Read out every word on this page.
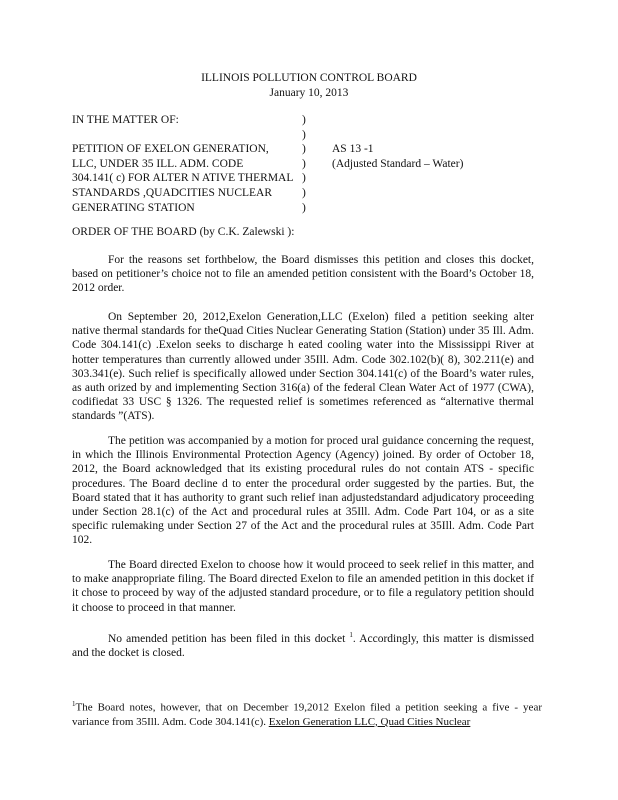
ILLINOIS POLLUTION CONTROL BOARD
January 10, 2013
IN THE MATTER OF:	)
)
PETITION OF EXELON GENERATION,	) AS 13 -1
LLC, UNDER 35 ILL. ADM. CODE	) (Adjusted Standard – Water)
304.141( c) FOR ALTER N ATIVE THERMAL )
STANDARDS ,QUADCITIES NUCLEAR	)
GENERATING STATION	)
ORDER OF THE BOARD (by C.K. Zalewski ):

For the reasons set forthbelow, the Board dismisses this petition and closes this docket, based on petitioner’s choice not to file an amended petition consistent with the Board’s October 18, 2012 order.

On September 20, 2012,Exelon Generation,LLC (Exelon) filed a petition seeking alter native thermal standards for theQuad Cities Nuclear Generating Station (Station) under 35 Ill. Adm. Code 304.141(c) .Exelon seeks to discharge h eated cooling water into the Mississippi River at hotter temperatures than currently allowed under 35Ill. Adm. Code 302.102(b)( 8), 302.211(e) and 303.341(e). Such relief is specifically allowed under Section 304.141(c) of the Board’s water rules, as auth orized by and implementing Section 316(a) of the federal Clean Water Act of 1977 (CWA), codifiedat 33 USC § 1326. The requested relief is sometimes referenced as “alternative thermal standards ”(ATS).

The petition was accompanied by a motion for proced ural guidance concerning the request, in which the Illinois Environmental Protection Agency (Agency) joined. By order of October 18, 2012, the Board acknowledged that its existing procedural rules do not contain ATS - specific procedures. The Board decline d to enter the procedural order suggested by the parties. But, the Board stated that it has authority to grant such relief inan adjustedstandard adjudicatory proceeding under Section 28.1(c) of the Act and procedural rules at 35Ill. Adm. Code Part 104, or as a site specific rulemaking under Section 27 of the Act and the procedural rules at 35Ill. Adm. Code Part 102.

The Board directed Exelon to choose how it would proceed to seek relief in this matter, and to make anappropriate filing. The Board directed Exelon to file an amended petition in this docket if it chose to proceed by way of the adjusted standard procedure, or to file a regulatory petition should it choose to proceed in that manner.

No amended petition has been filed in this docket $^1$. Accordingly, this matter is dismissed and the docket is closed.

$^1$The Board notes, however, that on December 19,2012 Exelon filed a petition seeking a five - year variance from 35Ill. Adm. Code 304.141(c). Exelon Generation LLC, Quad Cities Nuclear
